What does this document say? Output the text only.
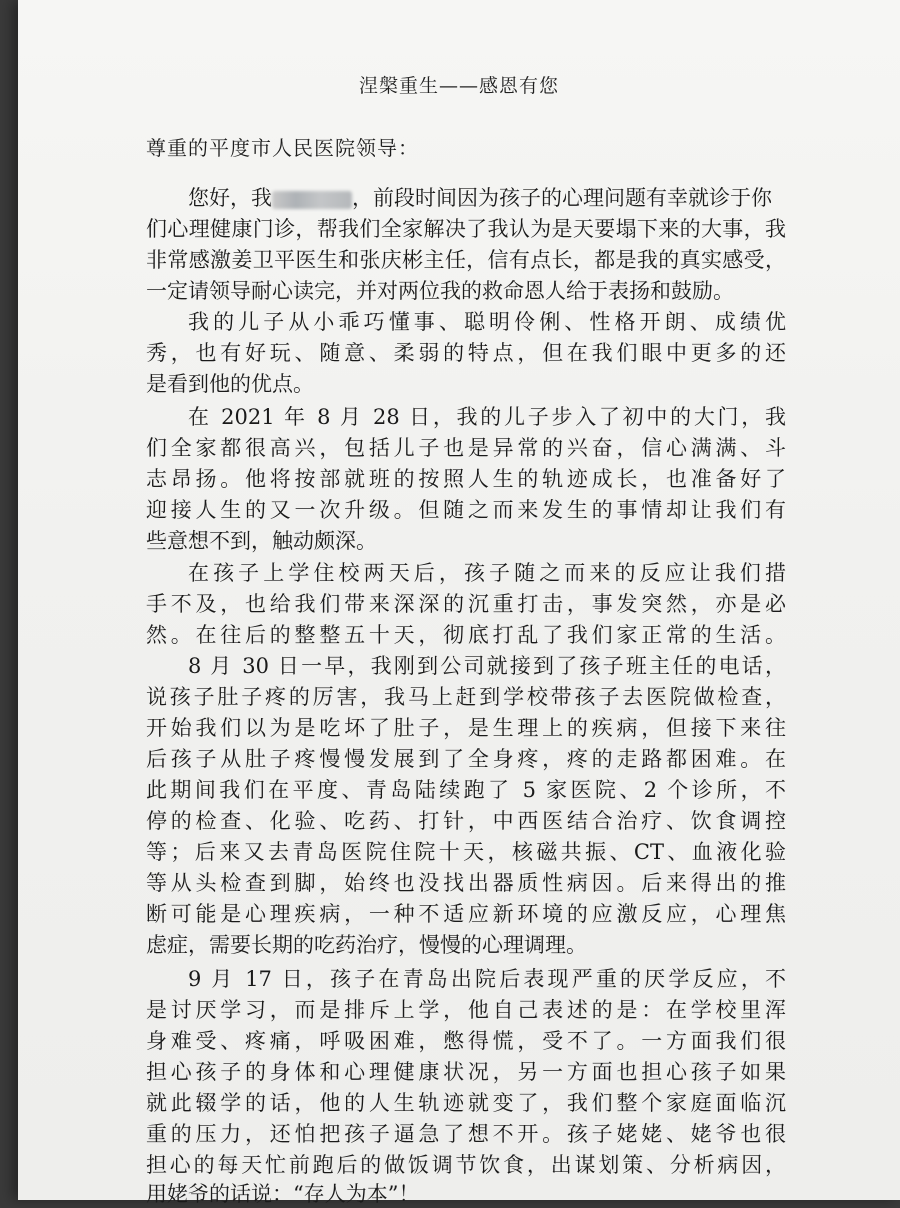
涅槃重生——感恩有您
尊重的平度市人民医院领导：
您好，我	，前段时间因为孩子的心理问题有幸就诊于你
们心理健康门诊，帮我们全家解决了我认为是天要塌下来的大事，我
非常感激姜卫平医生和张庆彬主任，信有点长，都是我的真实感受，
一定请领导耐心读完，并对两位我的救命恩人给于表扬和鼓励。
我的儿子从小乖巧懂事、聪明伶俐、性格开朗、成绩优
秀，也有好玩、随意、柔弱的特点，但在我们眼中更多的还
是看到他的优点。
在 2021 年 8 月 28 日，我的儿子步入了初中的大门，我
们全家都很高兴，包括儿子也是异常的兴奋，信心满满、斗
志昂扬。他将按部就班的按照人生的轨迹成长，也准备好了
迎接人生的又一次升级。但随之而来发生的事情却让我们有
些意想不到，触动颇深。
在孩子上学住校两天后，孩子随之而来的反应让我们措
手不及，也给我们带来深深的沉重打击，事发突然，亦是必
然。在往后的整整五十天，彻底打乱了我们家正常的生活。
8 月 30 日一早，我刚到公司就接到了孩子班主任的电话，
说孩子肚子疼的厉害，我马上赶到学校带孩子去医院做检查，
开始我们以为是吃坏了肚子，是生理上的疾病，但接下来往
后孩子从肚子疼慢慢发展到了全身疼，疼的走路都困难。在
此期间我们在平度、青岛陆续跑了 5 家医院、2 个诊所，不
停的检查、化验、吃药、打针，中西医结合治疗、饮食调控
等；后来又去青岛医院住院十天，核磁共振、CT、血液化验
等从头检查到脚，始终也没找出器质性病因。后来得出的推
断可能是心理疾病，一种不适应新环境的应激反应，心理焦
虑症，需要长期的吃药治疗，慢慢的心理调理。
9 月 17 日，孩子在青岛出院后表现严重的厌学反应，不
是讨厌学习，而是排斥上学，他自己表述的是：在学校里浑
身难受、疼痛，呼吸困难，憋得慌，受不了。一方面我们很
担心孩子的身体和心理健康状况，另一方面也担心孩子如果
就此辍学的话，他的人生轨迹就变了，我们整个家庭面临沉
重的压力，还怕把孩子逼急了想不开。孩子姥姥、姥爷也很
担心的每天忙前跑后的做饭调节饮食，出谋划策、分析病因，
用姥爷的话说：“存人为本”！
